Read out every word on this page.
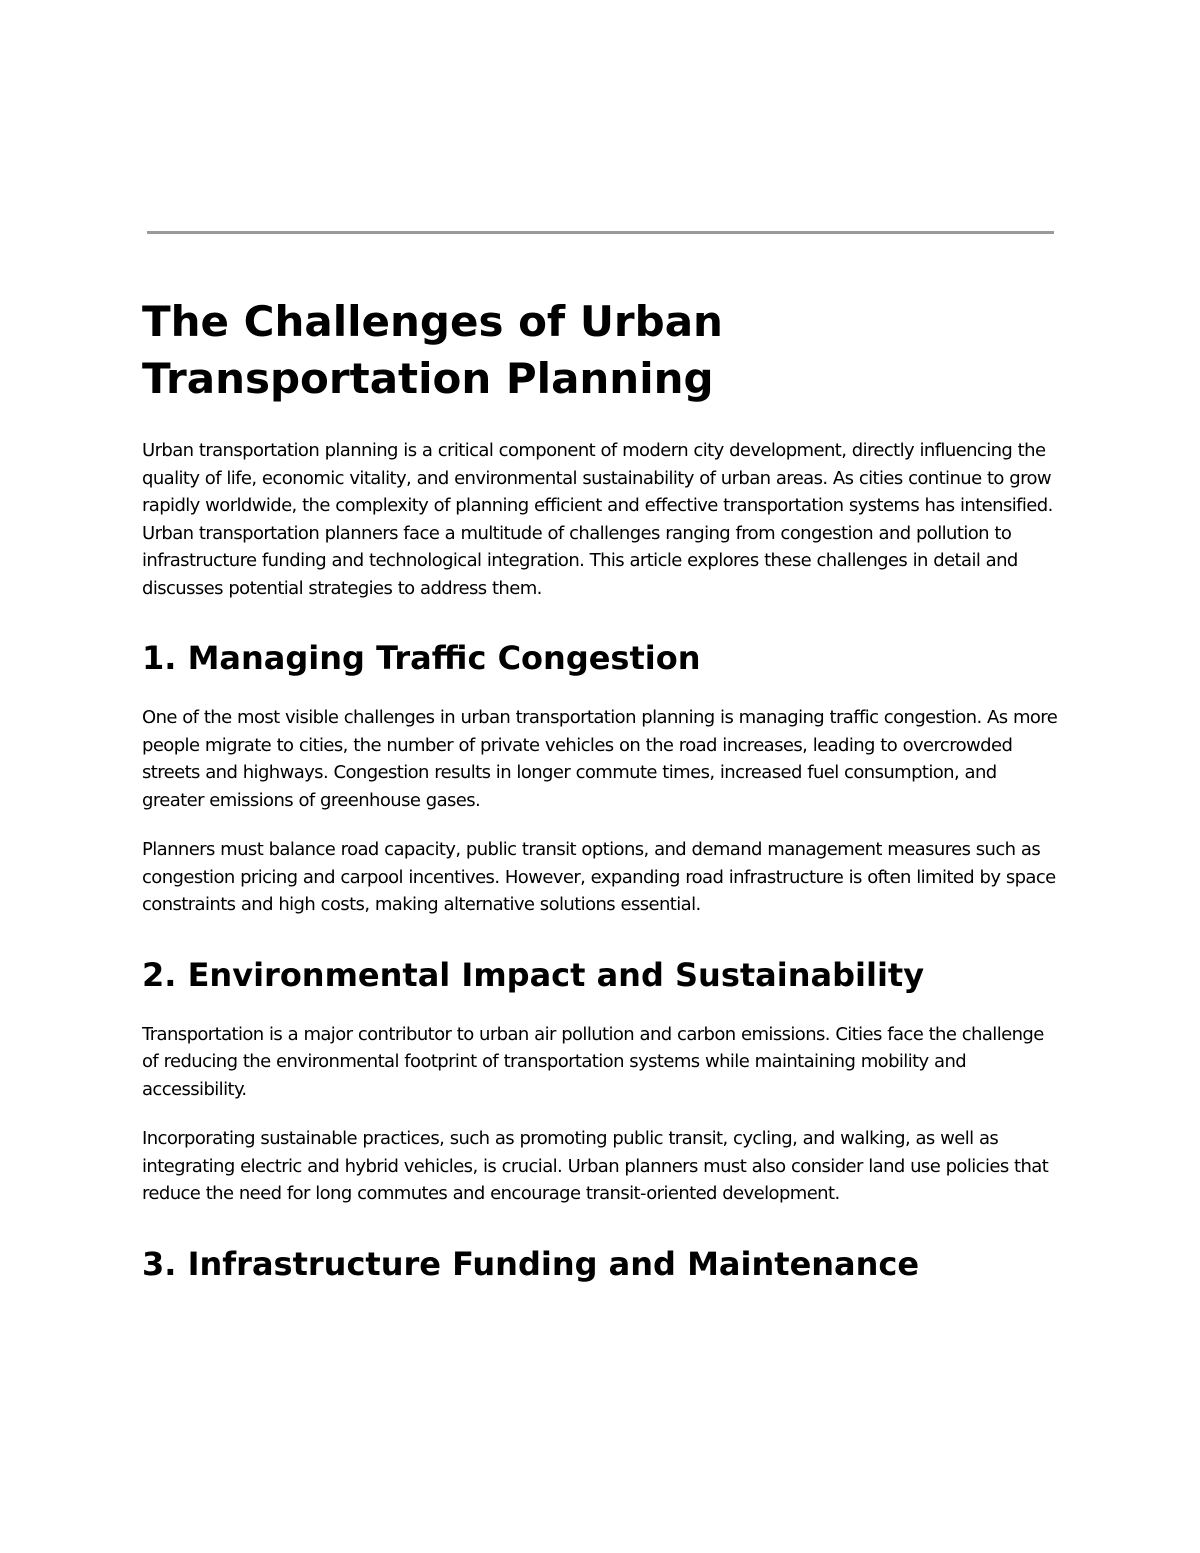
The Challenges of Urban Transportation Planning

Urban transportation planning is a critical component of modern city development, directly influencing the quality of life, economic vitality, and environmental sustainability of urban areas. As cities continue to grow rapidly worldwide, the complexity of planning efficient and effective transportation systems has intensified. Urban transportation planners face a multitude of challenges ranging from congestion and pollution to infrastructure funding and technological integration. This article explores these challenges in detail and discusses potential strategies to address them.

1. Managing Traffic Congestion

One of the most visible challenges in urban transportation planning is managing traffic congestion. As more people migrate to cities, the number of private vehicles on the road increases, leading to overcrowded streets and highways. Congestion results in longer commute times, increased fuel consumption, and greater emissions of greenhouse gases.

Planners must balance road capacity, public transit options, and demand management measures such as congestion pricing and carpool incentives. However, expanding road infrastructure is often limited by space constraints and high costs, making alternative solutions essential.

2. Environmental Impact and Sustainability

Transportation is a major contributor to urban air pollution and carbon emissions. Cities face the challenge of reducing the environmental footprint of transportation systems while maintaining mobility and accessibility.

Incorporating sustainable practices, such as promoting public transit, cycling, and walking, as well as integrating electric and hybrid vehicles, is crucial. Urban planners must also consider land use policies that reduce the need for long commutes and encourage transit-oriented development.

3. Infrastructure Funding and Maintenance
